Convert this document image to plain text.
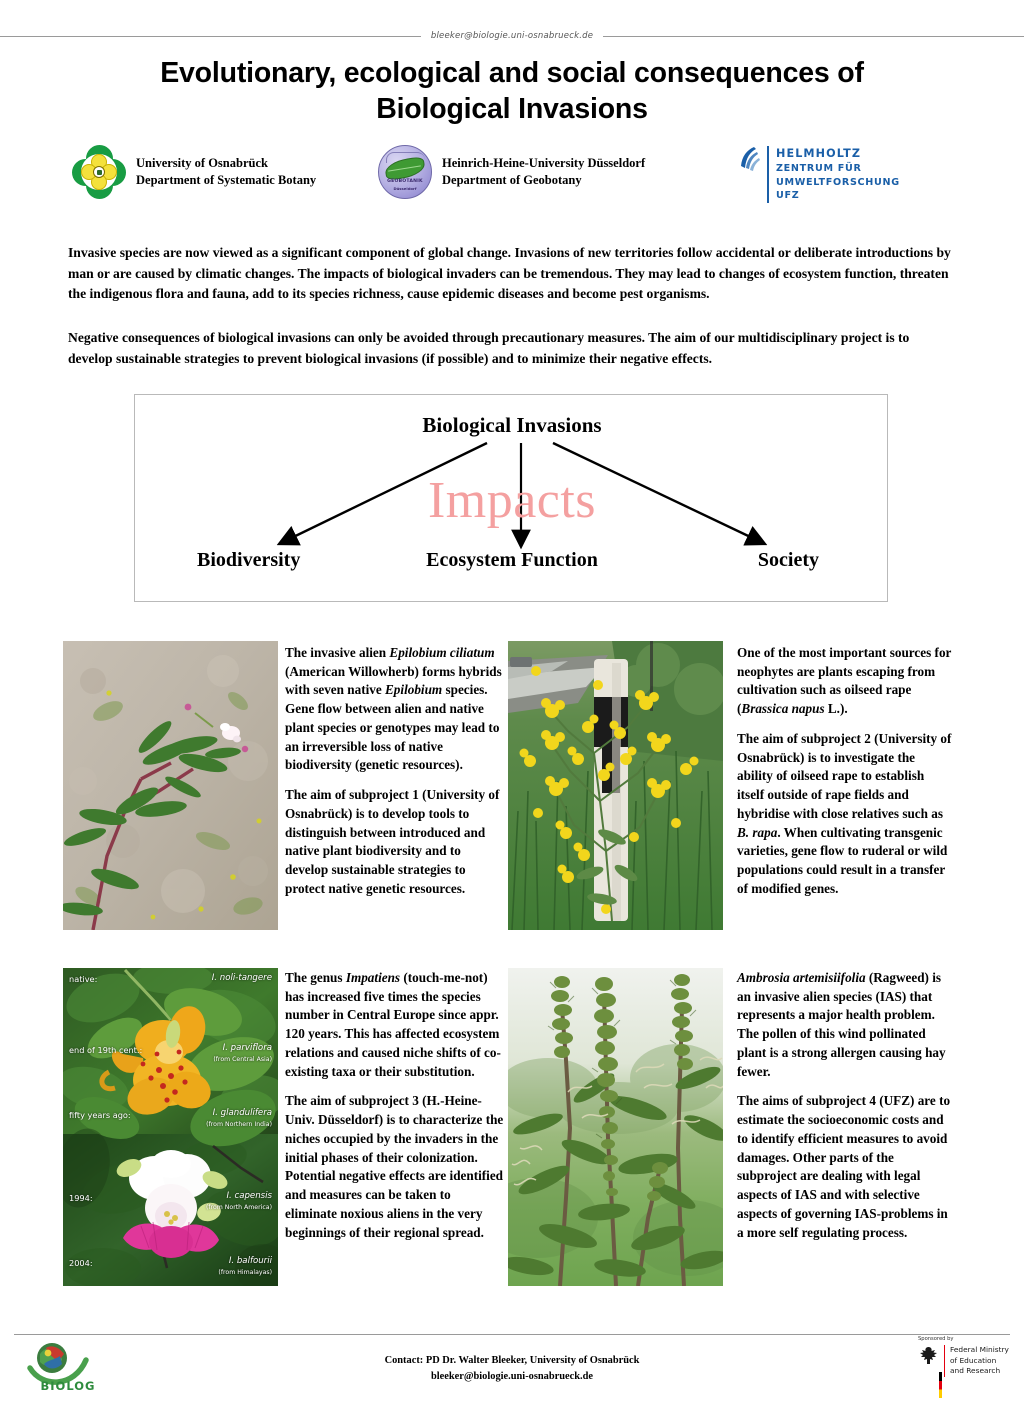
bleeker@biologie.uni-osnabrueck.de
Evolutionary, ecological and social consequences of
Biological Invasions
University of Osnabrück
Department of Systematic Botany	GEOBOTANIK
Düsseldorf
Heinrich-Heine-University Düsseldorf
Department of Geobotany
HELMHOLTZ
ZENTRUM FÜR
UMWELTFORSCHUNG
UFZ
Invasive species are now viewed as a significant component of global change. Invasions of new territories follow accidental or deliberate introductions by man or are caused by climatic changes. The impacts of biological invaders can be tremendous. They may lead to changes of ecosystem function, threaten the indigenous flora and fauna, add to its species richness, cause epidemic diseases and become pest organisms.
Negative consequences of biological invasions can only be avoided through precautionary measures. The aim of our multidisciplinary project is to develop sustainable strategies to prevent biological invasions (if possible) and to minimize their negative effects.
Impacts
Biological Invasions
Biodiversity	Ecosystem Function	Society

The invasive alien Epilobium ciliatum (American Willowherb) forms hybrids with seven native Epilobium species. Gene flow between alien and native plant species or genotypes may lead to an irreversible loss of native biodiversity (genetic resources).

The aim of subproject 1 (University of Osnabrück) is to develop tools to distinguish between introduced and native plant biodiversity and to develop sustainable strategies to protect native genetic resources.

One of the most important sources for neophytes are plants escaping from cultivation such as oilseed rape (Brassica napus L.).

The aim of subproject 2 (University of Osnabrück) is to investigate the ability of oilseed rape to establish itself outside of rape fields and hybridise with close relatives such as B. rapa. When cultivating transgenic varieties, gene flow to ruderal or wild populations could result in a transfer of modified genes.

native:	I. noli-tangere
end of 19th cent.:	I. parviflora
(from Central Asia)
fifty years ago:	I. glandulifera
(from Northern India)
1994:	I. capensis
(from North America)
2004:	I. balfourii
(from Himalayas)

The genus Impatiens (touch-me-not) has increased five times the species number in Central Europe since appr. 120 years. This has affected ecosystem relations and caused niche shifts of co-existing taxa or their substitution.

The aim of subproject 3 (H.-Heine-Univ. Düsseldorf) is to characterize the niches occupied by the invaders in the initial phases of their colonization. Potential negative effects are identified and measures can be taken to eliminate noxious aliens in the very beginnings of their regional spread.

Ambrosia artemisiifolia (Ragweed) is an invasive alien species (IAS) that represents a major health problem. The pollen of this wind pollinated plant is a strong allergen causing hay fewer.

The aims of subproject 4 (UFZ) are to estimate the socioeconomic costs and to identify efficient measures to avoid damages. Other parts of the subproject are dealing with legal aspects of IAS and with selective aspects of governing IAS-problems in a more self regulating process.

BIOLOG
Contact: PD Dr. Walter Bleeker, University of Osnabrück
bleeker@biologie.uni-osnabrueck.de
Sponsored by
Federal Ministry
of Education
and Research
